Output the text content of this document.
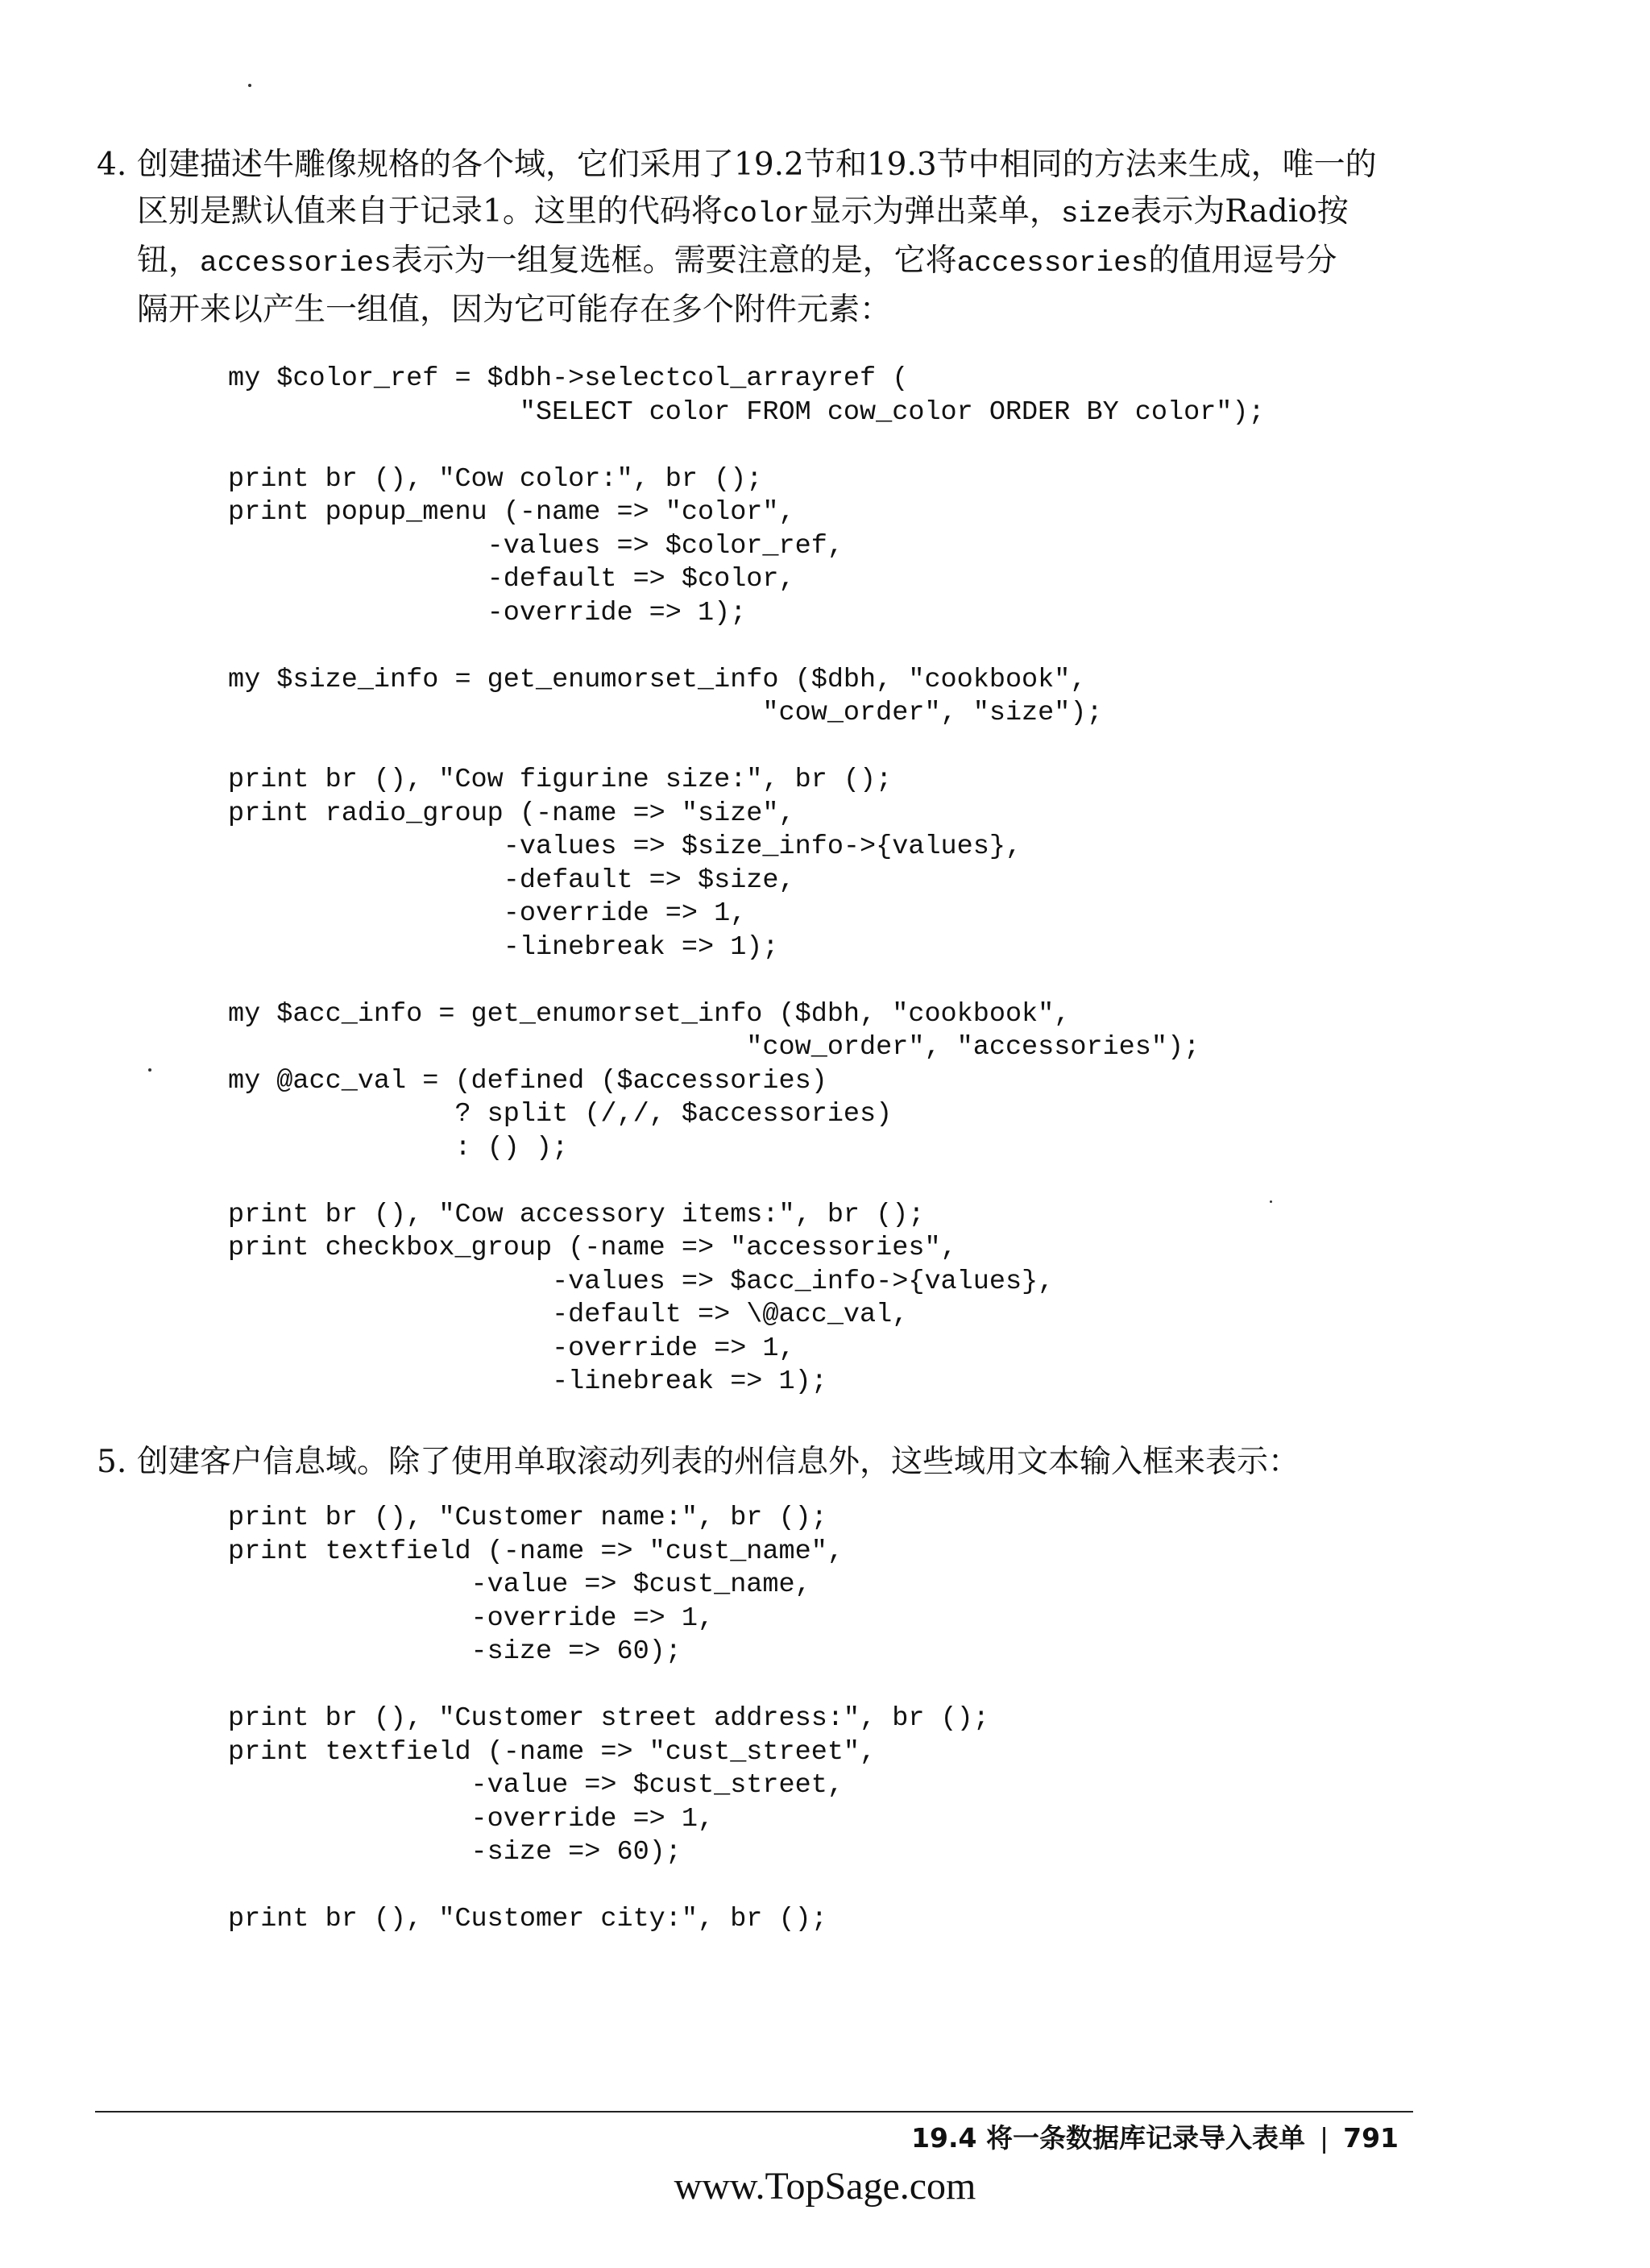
4. 创建描述牛雕像规格的各个域，它们采用了19.2节和19.3节中相同的方法来生成，唯一的
区别是默认值来自于记录1。这里的代码将color显示为弹出菜单，size表示为Radio按
钮，accessories表示为一组复选框。需要注意的是，它将accessories的值用逗号分
隔开来以产生一组值，因为它可能存在多个附件元素：
my $color_ref = $dbh->selectcol_arrayref (
"SELECT color FROM cow_color ORDER BY color");

print br (), "Cow color:", br ();
print popup_menu (-name => "color",
-values => $color_ref,
-default => $color,
-override => 1);

my $size_info = get_enumorset_info ($dbh, "cookbook",
"cow_order", "size");

print br (), "Cow figurine size:", br ();
print radio_group (-name => "size",
-values => $size_info->{values},
-default => $size,
-override => 1,
-linebreak => 1);

my $acc_info = get_enumorset_info ($dbh, "cookbook",
"cow_order", "accessories");
my @acc_val = (defined ($accessories)
? split (/,/, $accessories)
: () );

print br (), "Cow accessory items:", br ();
print checkbox_group (-name => "accessories",
-values => $acc_info->{values},
-default => \@acc_val,
-override => 1,
-linebreak => 1);
5. 创建客户信息域。除了使用单取滚动列表的州信息外，这些域用文本输入框来表示：
print br (), "Customer name:", br ();
print textfield (-name => "cust_name",
-value => $cust_name,
-override => 1,
-size => 60);

print br (), "Customer street address:", br ();
print textfield (-name => "cust_street",
-value => $cust_street,
-override => 1,
-size => 60);

print br (), "Customer city:", br ();
19.4 将一条数据库记录导入表单 | 791
www.TopSage.com
